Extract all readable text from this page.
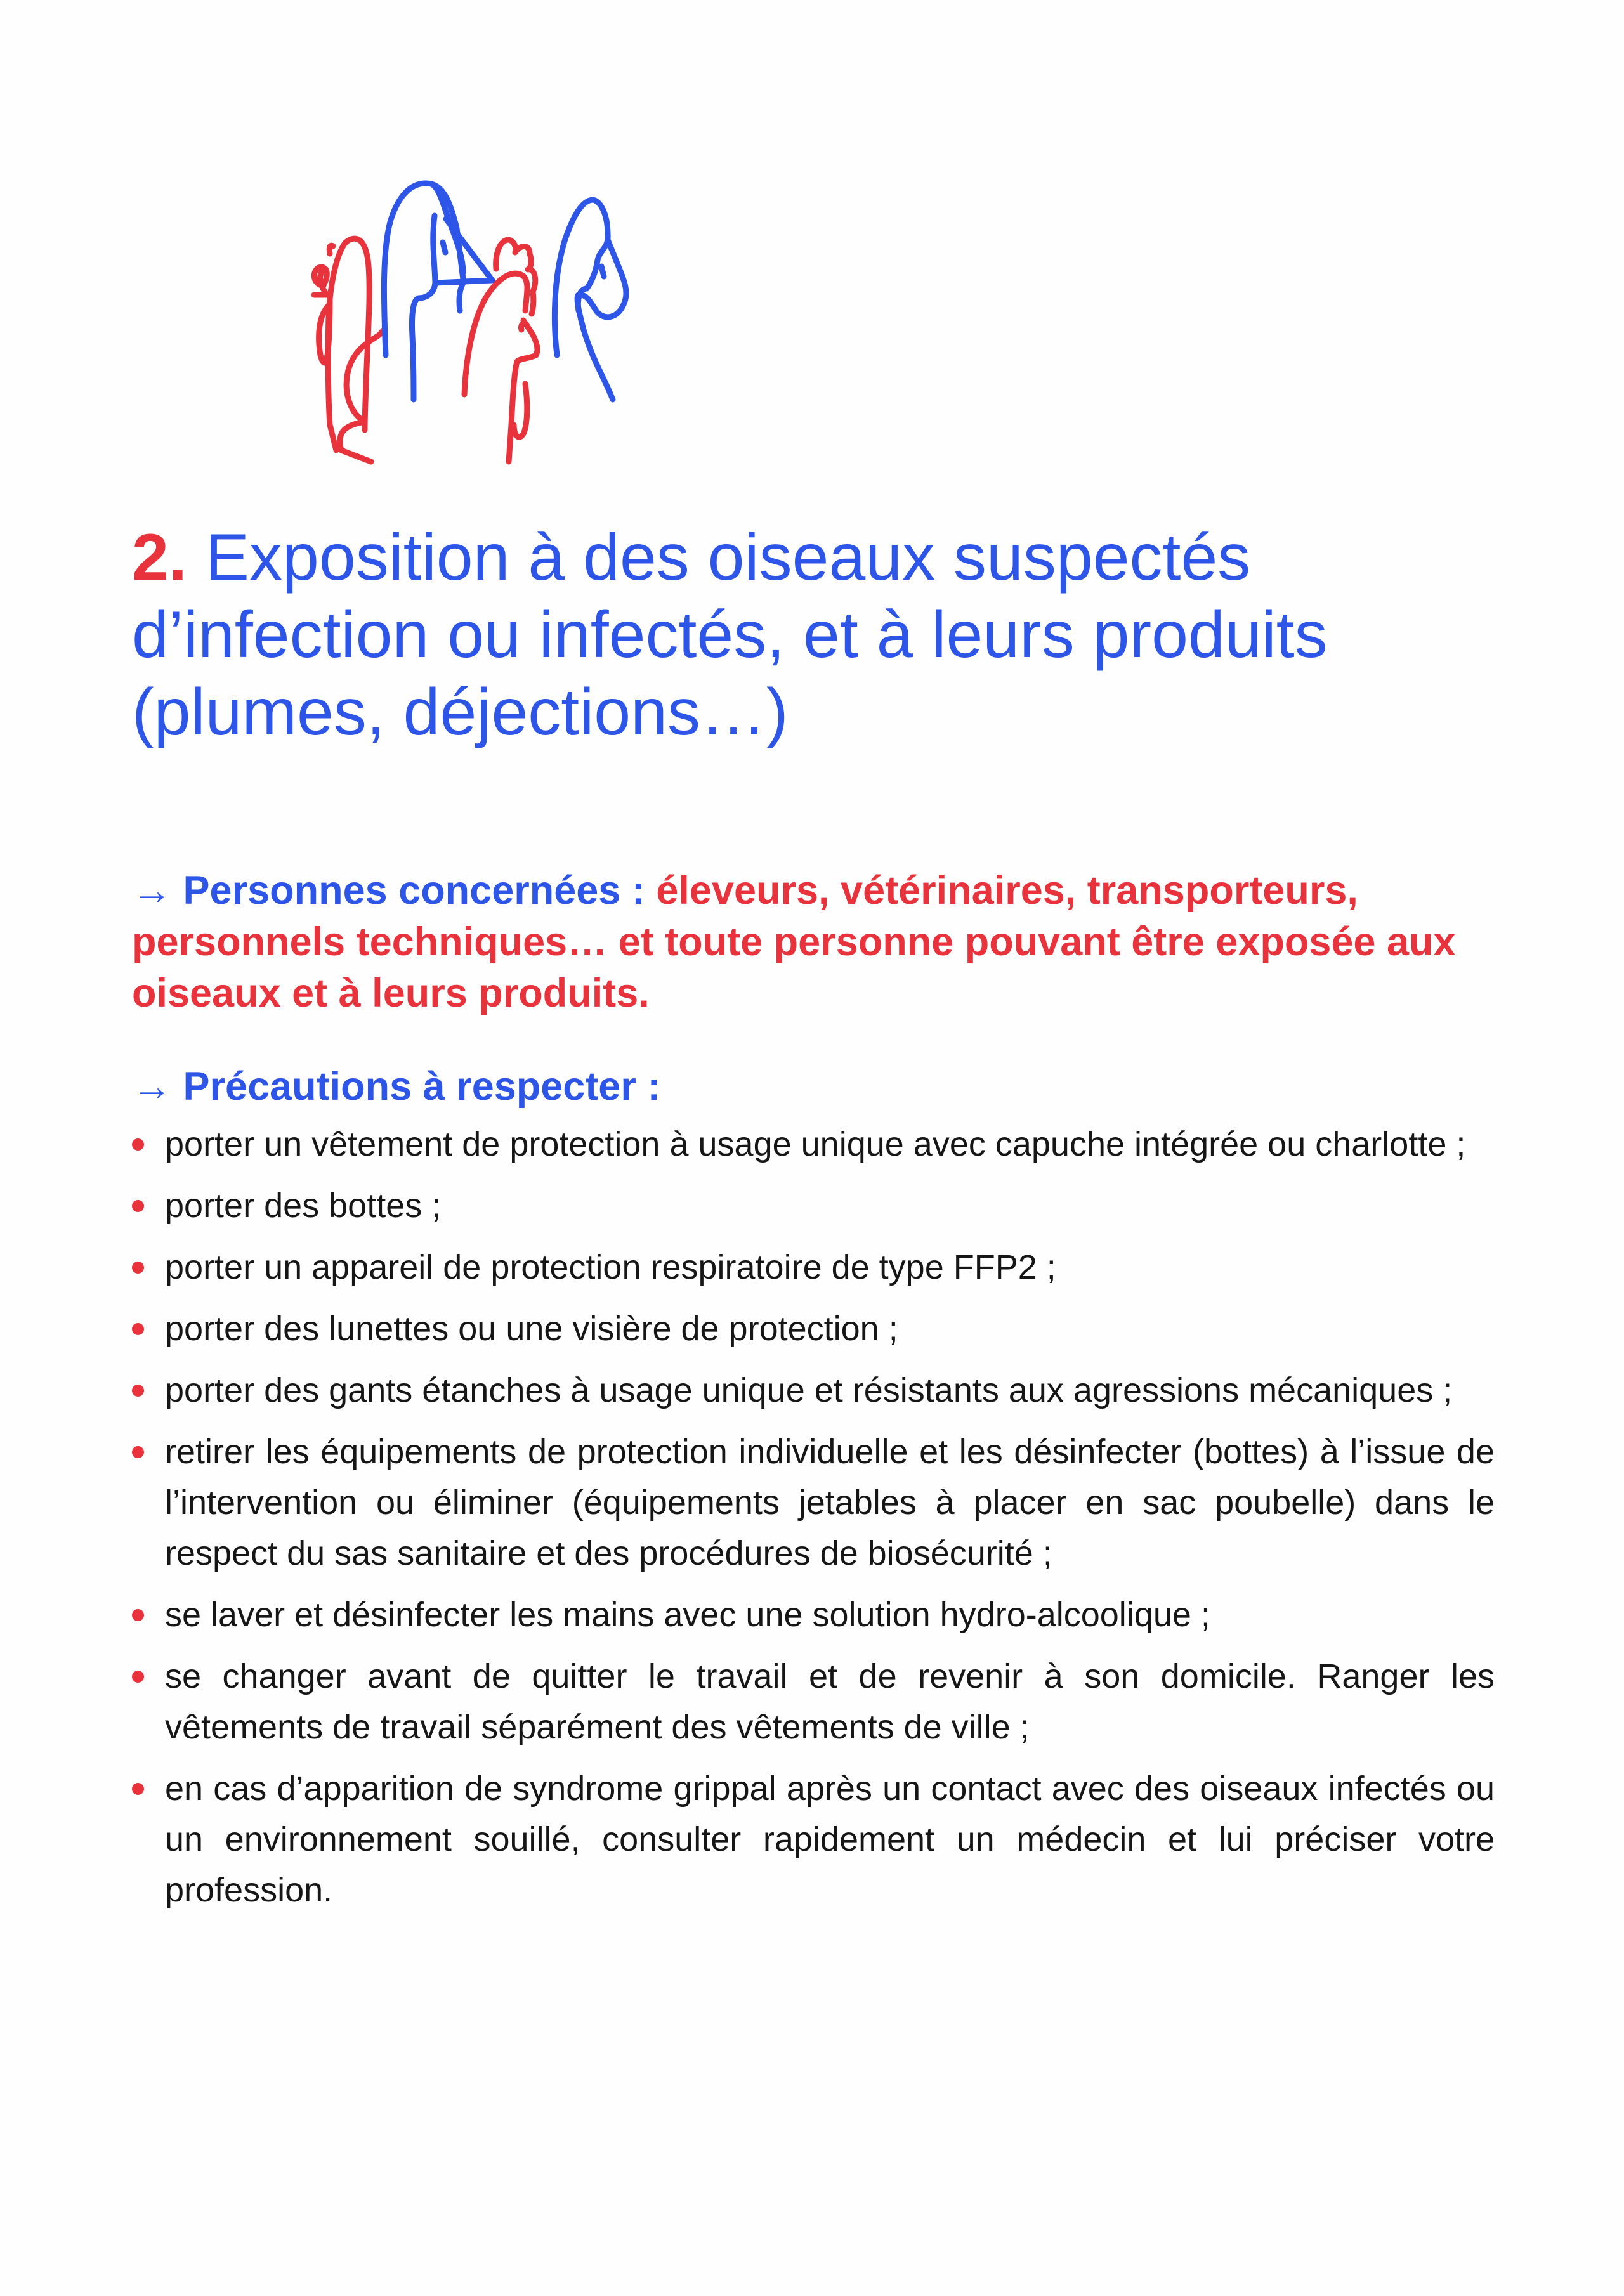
2. Exposition à des oiseaux suspectés d’infection ou infectés, et à leurs produits (plumes, déjections…)

→ Personnes concernées : éleveurs, vétérinaires, transporteurs, personnels techniques… et toute personne pouvant être exposée aux oiseaux et à leurs produits.

→ Précautions à respecter :

porter un vêtement de protection à usage unique avec capuche intégrée ou charlotte ;
porter des bottes ;
porter un appareil de protection respiratoire de type FFP2 ;
porter des lunettes ou une visière de protection ;
porter des gants étanches à usage unique et résistants aux agressions mécaniques ;
retirer les équipements de protection individuelle et les désinfecter (bottes) à l’issue de l’intervention ou éliminer (équipements jetables à placer en sac poubelle) dans le respect du sas sanitaire et des procédures de biosécurité ;
se laver et désinfecter les mains avec une solution hydro-alcoolique ;
se changer avant de quitter le travail et de revenir à son domicile. Ranger les vêtements de travail séparément des vêtements de ville ;
en cas d’apparition de syndrome grippal après un contact avec des oiseaux infectés ou un environnement souillé, consulter rapidement un médecin et lui préciser votre profession.
